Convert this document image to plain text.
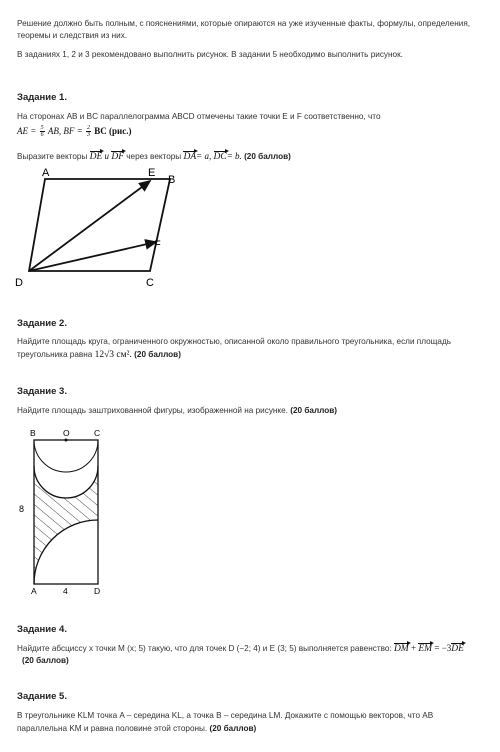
Решение должно быть полным, с пояснениями, которые опираются на уже изученные факты, формулы, определения, теоремы и следствия из них.

В заданиях 1, 2 и 3 рекомендовано выполнить рисунок. В задании 5 необходимо выполнить рисунок.

Задание 1.
На сторонах AB и BC параллелограмма ABCD отмечены такие точки E и F соответственно, что
AE = $\frac{5}{6}$ AB, BF = $\frac{2}{3}$ BC (рис.)
Выразите векторы DE и DF через векторы DA= a, DC= b. (20 баллов)
A	E
B
F
D	C
Задание 2.
Найдите площадь круга, ограниченного окружностью, описанной около правильного треугольника, если площадь
треугольника равна 12√3 см². (20 баллов)
Задание 3.
Найдите площадь заштрихованной фигуры, изображенной на рисунке. (20 баллов)
B	O	C
8
A	4	D
Задание 4.
Найдите абсциссу x точки M (x; 5) такую, что для точек D (−2; 4) и E (3; 5) выполняется равенство: DM + EM = −3DE
(20 баллов)
Задание 5.
В треугольнике KLM точка A – середина KL, а точка B – середина LM. Докажите с помощью векторов, что AB
параллельна KM и равна половине этой стороны. (20 баллов)
